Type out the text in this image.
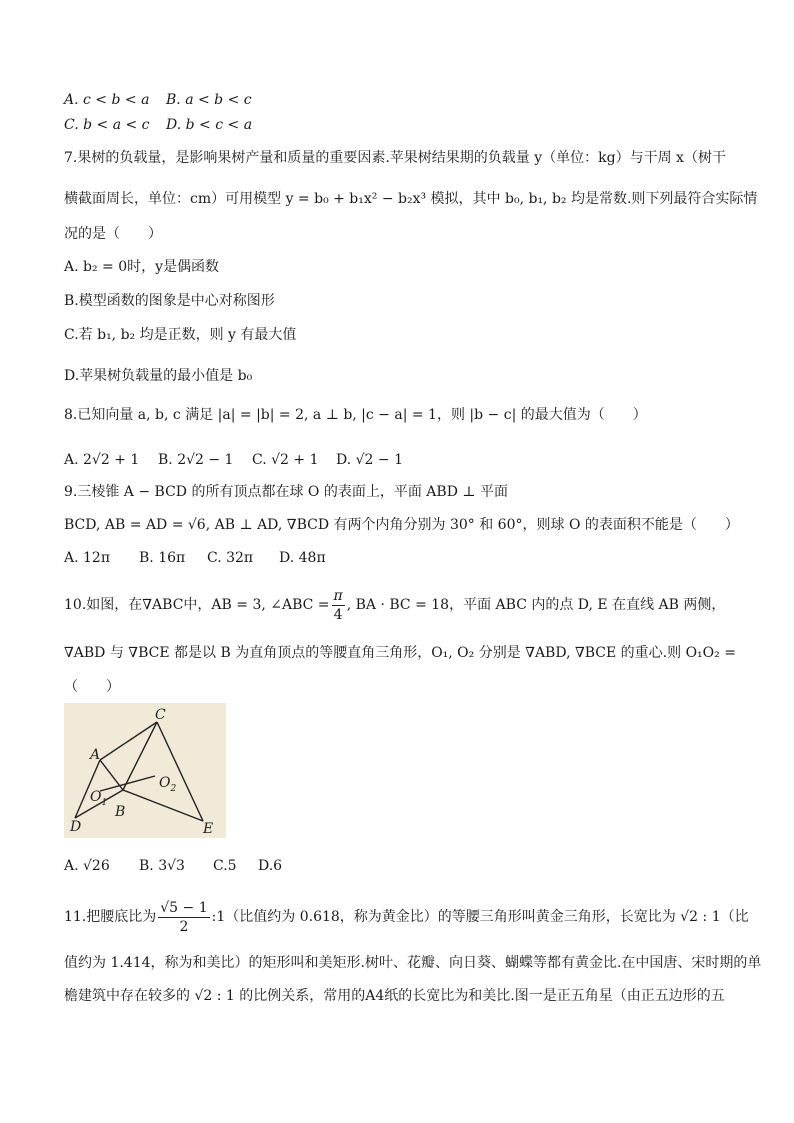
A. c < b < a B. a < b < c
C. b < a < c D. b < c < a
7.果树的负载量，是影响果树产量和质量的重要因素.苹果树结果期的负载量 y（单位：kg）与干周 x（树干
横截面周长，单位：cm）可用模型 y = b₀ + b₁x² − b₂x³ 模拟，其中 b₀, b₁, b₂ 均是常数.则下列最符合实际情
况的是（　　）
A. b₂ = 0时，y是偶函数
B.模型函数的图象是中心对称图形
C.若 b₁, b₂ 均是正数，则 y 有最大值
D.苹果树负载量的最小值是 b₀
8.已知向量 a, b, c 满足 |a| = |b| = 2, a ⊥ b, |c − a| = 1，则 |b − c| 的最大值为（　　）
A. 2√2 + 1 B. 2√2 − 1 C. √2 + 1 D. √2 − 1
9.三棱锥 A − BCD 的所有顶点都在球 O 的表面上，平面 ABD ⊥ 平面
BCD, AB = AD = √6, AB ⊥ AD, ∇BCD 有两个内角分别为 30° 和 60°，则球 O 的表面积不能是（　　）
A. 12π B. 16π C. 32π D. 48π
10.如图，在∇ABC中，AB = 3, ∠ABC = $\frac{\pi}{4}$ , BA · BC = 18，平面 ABC 内的点 D, E 在直线 AB 两侧，
∇ABD 与 ∇BCE 都是以 B 为直角顶点的等腰直角三角形，O₁, O₂ 分别是 ∇ABD, ∇BCE 的重心.则 O₁O₂ =
（　　）
C
A
$O_1$
$O_2$
B
D	E
A. √26 B. 3√3 C.5 D.6
11.把腰底比为 $\frac{√5 - 1}{2}$ :1（比值约为 0.618，称为黄金比）的等腰三角形叫黄金三角形，长宽比为 √2 : 1（比
值约为 1.414，称为和美比）的矩形叫和美矩形.树叶、花瓣、向日葵、蝴蝶等都有黄金比.在中国唐、宋时期的单
檐建筑中存在较多的 √2 : 1 的比例关系，常用的A4纸的长宽比为和美比.图一是正五角星（由正五边形的五
